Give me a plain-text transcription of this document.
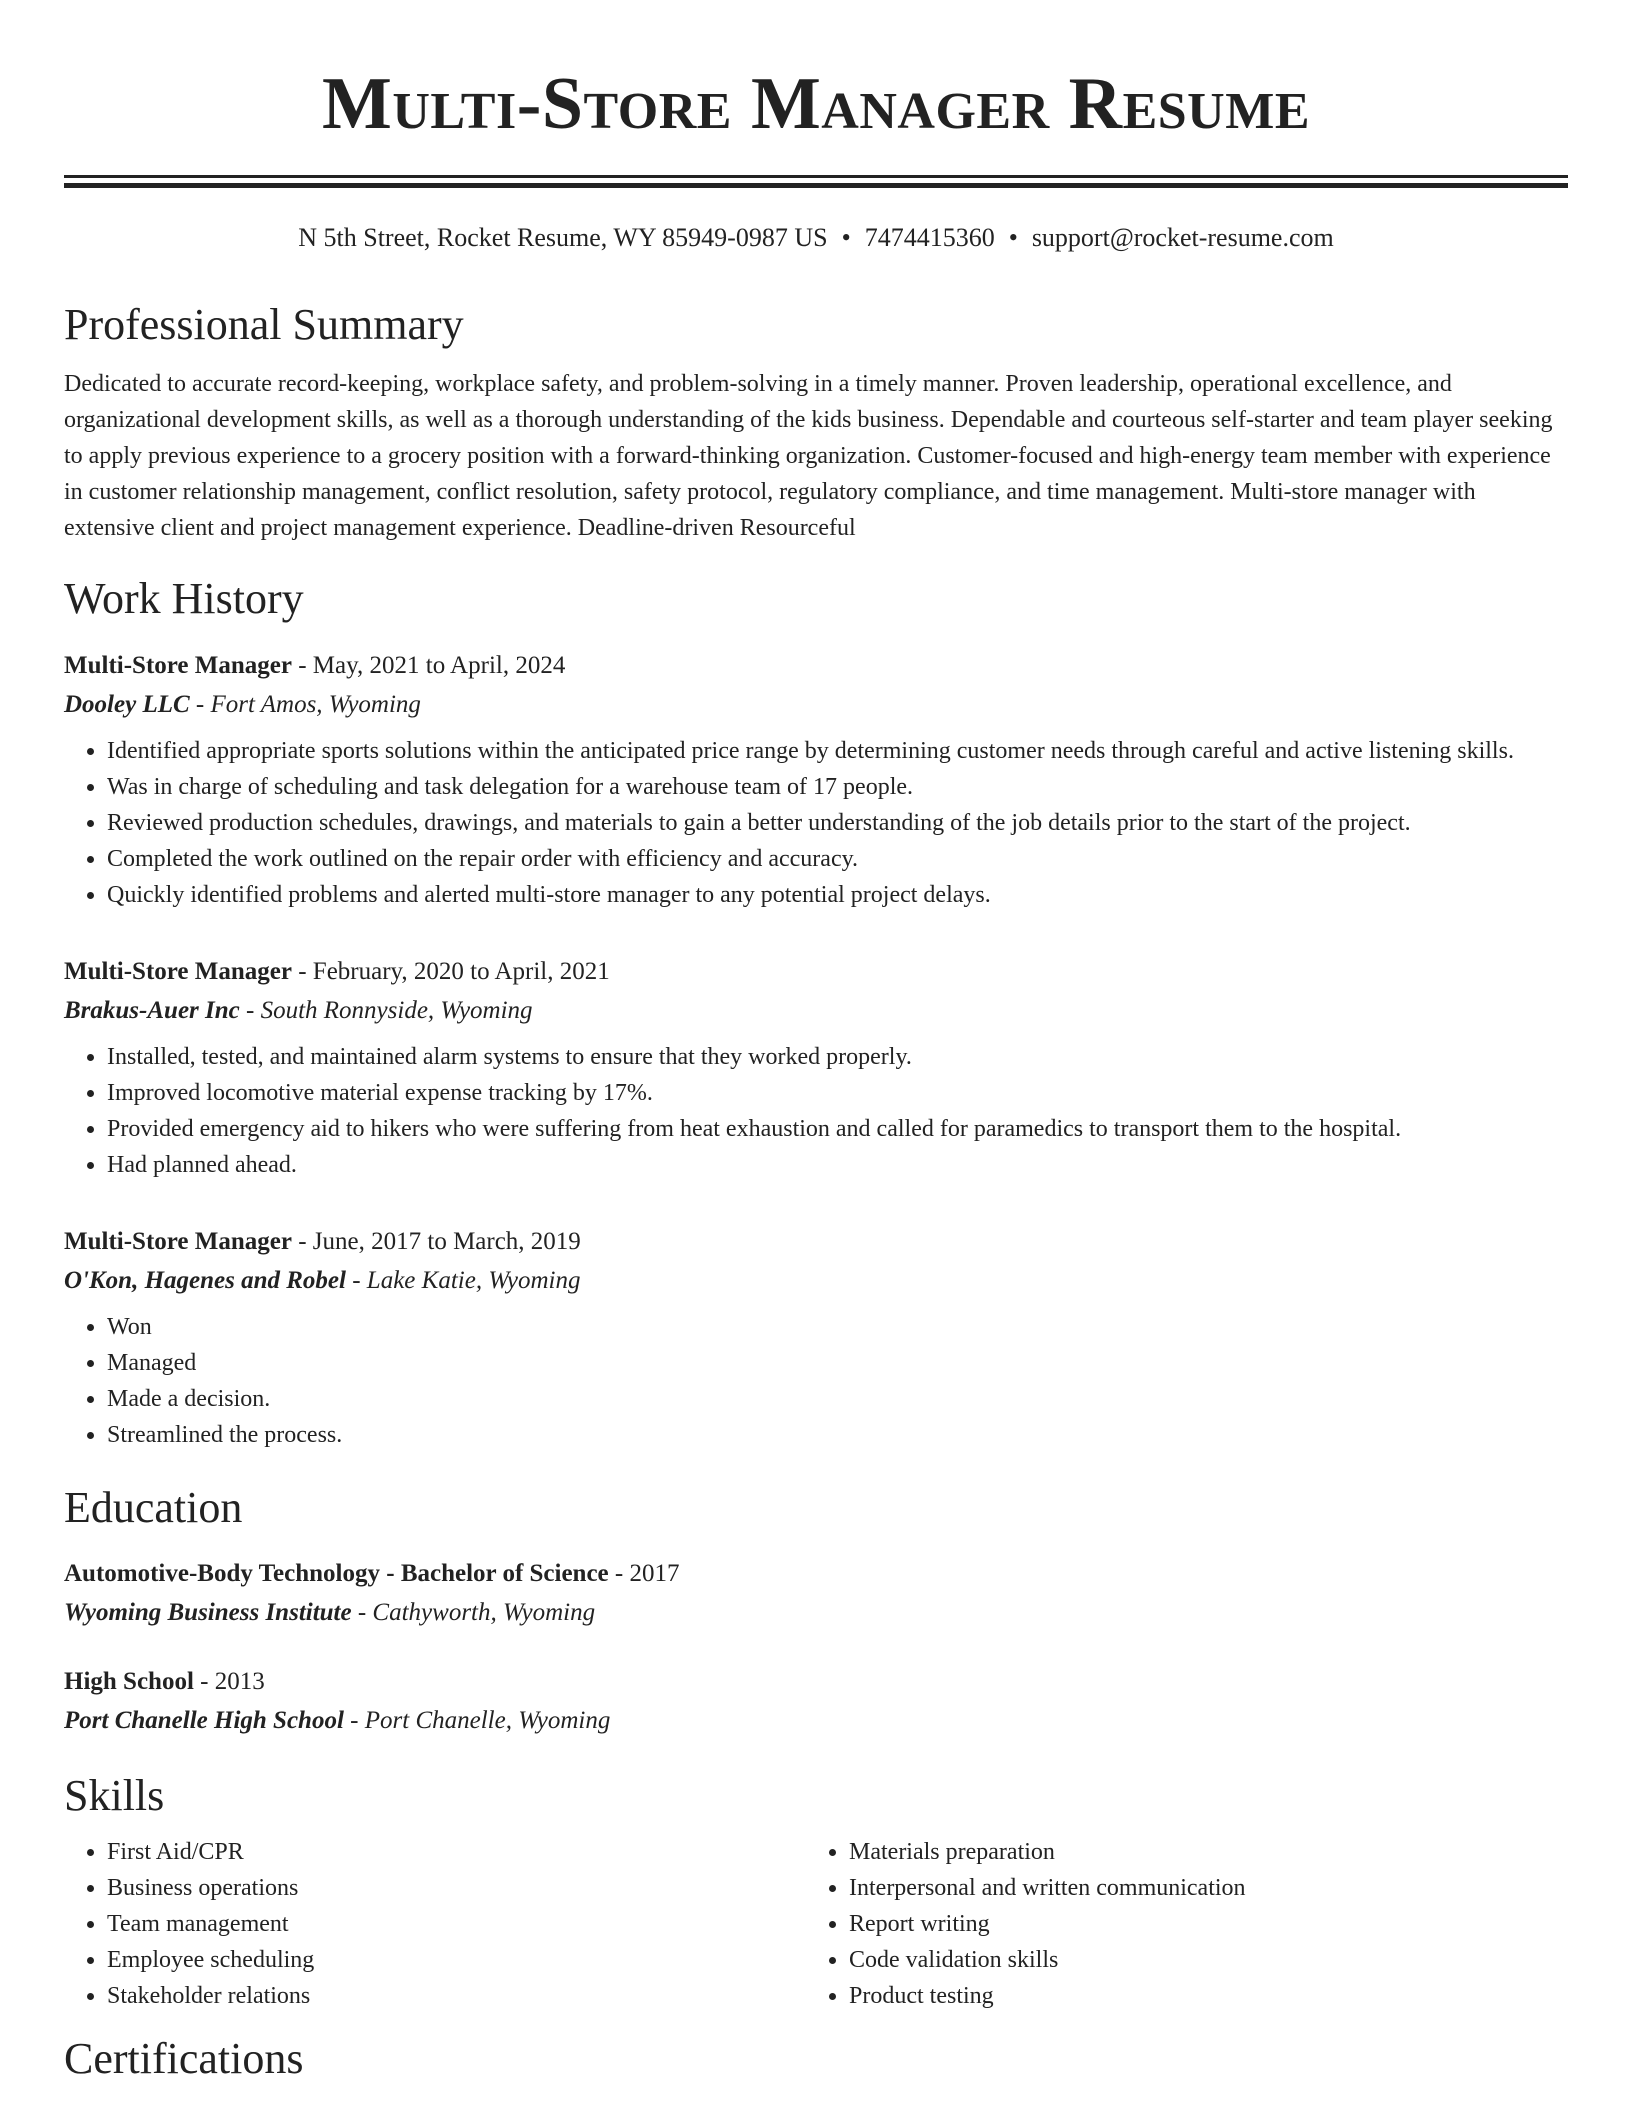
Multi-Store Manager Resume
N 5th Street, Rocket Resume, WY 85949-0987 US • 7474415360 • support@rocket-resume.com
Professional Summary
Dedicated to accurate record-keeping, workplace safety, and problem-solving in a timely manner. Proven leadership, operational excellence, and organizational development skills, as well as a thorough understanding of the kids business. Dependable and courteous self-starter and team player seeking to apply previous experience to a grocery position with a forward-thinking organization. Customer-focused and high-energy team member with experience in customer relationship management, conflict resolution, safety protocol, regulatory compliance, and time management. Multi-store manager with extensive client and project management experience. Deadline-driven Resourceful
Work History
Multi-Store Manager - May, 2021 to April, 2024
Dooley LLC - Fort Amos, Wyoming
• Identified appropriate sports solutions within the anticipated price range by determining customer needs through careful and active listening skills.
• Was in charge of scheduling and task delegation for a warehouse team of 17 people.
• Reviewed production schedules, drawings, and materials to gain a better understanding of the job details prior to the start of the project.
• Completed the work outlined on the repair order with efficiency and accuracy.
• Quickly identified problems and alerted multi-store manager to any potential project delays.
Multi-Store Manager - February, 2020 to April, 2021
Brakus-Auer Inc - South Ronnyside, Wyoming
• Installed, tested, and maintained alarm systems to ensure that they worked properly.
• Improved locomotive material expense tracking by 17%.
• Provided emergency aid to hikers who were suffering from heat exhaustion and called for paramedics to transport them to the hospital.
• Had planned ahead.
Multi-Store Manager - June, 2017 to March, 2019
O'Kon, Hagenes and Robel - Lake Katie, Wyoming
• Won
• Managed
• Made a decision.
• Streamlined the process.
Education
Automotive-Body Technology - Bachelor of Science - 2017
Wyoming Business Institute - Cathyworth, Wyoming
High School - 2013
Port Chanelle High School - Port Chanelle, Wyoming
Skills
• First Aid/CPR
• Business operations
• Team management
• Employee scheduling
• Stakeholder relations
• Materials preparation
• Interpersonal and written communication
• Report writing
• Code validation skills
• Product testing
Certifications
